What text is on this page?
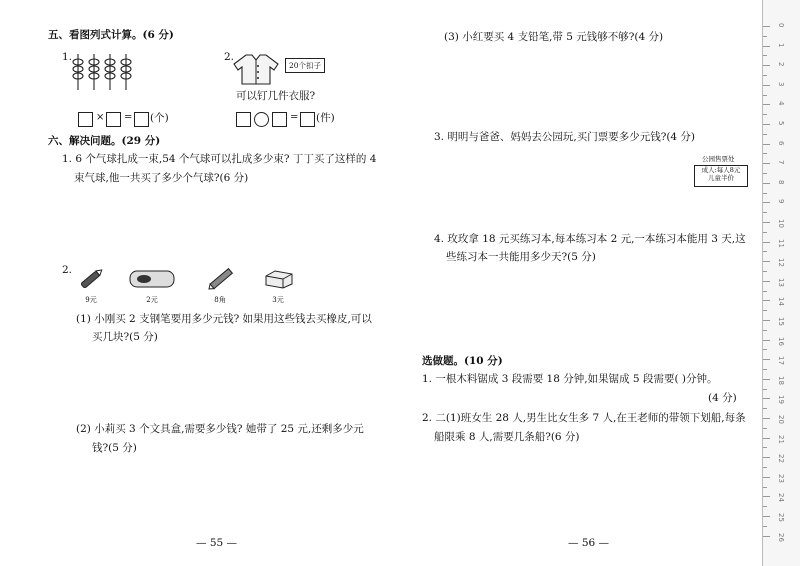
五、看图列式计算。(6 分)
1.
× = (个)
2.
20个扣子
可以钉几件衣服?
= (件)
六、解决问题。(29 分)
1. 6 个气球扎成一束,54 个气球可以扎成多少束? 丁丁买了这样的 4
束气球,他一共买了多少个气球?(6 分)
2.
9元	2元	8角	3元
(1) 小刚买 2 支钢笔要用多少元钱? 如果用这些钱去买橡皮,可以
买几块?(5 分)
(2) 小莉买 3 个文具盒,需要多少钱? 她带了 25 元,还剩多少元
钱?(5 分)
— 55 —
(3) 小红要买 4 支铅笔,带 5 元钱够不够?(4 分)
3. 明明与爸爸、妈妈去公园玩,买门票要多少元钱?(4 分)
公园售票处
成人:每人8元
儿童半价
4. 玫玫拿 18 元买练习本,每本练习本 2 元,一本练习本能用 3 天,这
些练习本一共能用多少天?(5 分)
选做题。(10 分)
1. 一根木料锯成 3 段需要 18 分钟,如果锯成 5 段需要( )分钟。
(4 分)
2. 二(1)班女生 28 人,男生比女生多 7 人,在王老师的带领下划船,每条
船限乘 8 人,需要几条船?(6 分)
— 56 —
0
1
2
3
4
5
6
7
8
9
10
11
12
13
14
15
16
17
18
19
20
21
22
23
24
25
26
